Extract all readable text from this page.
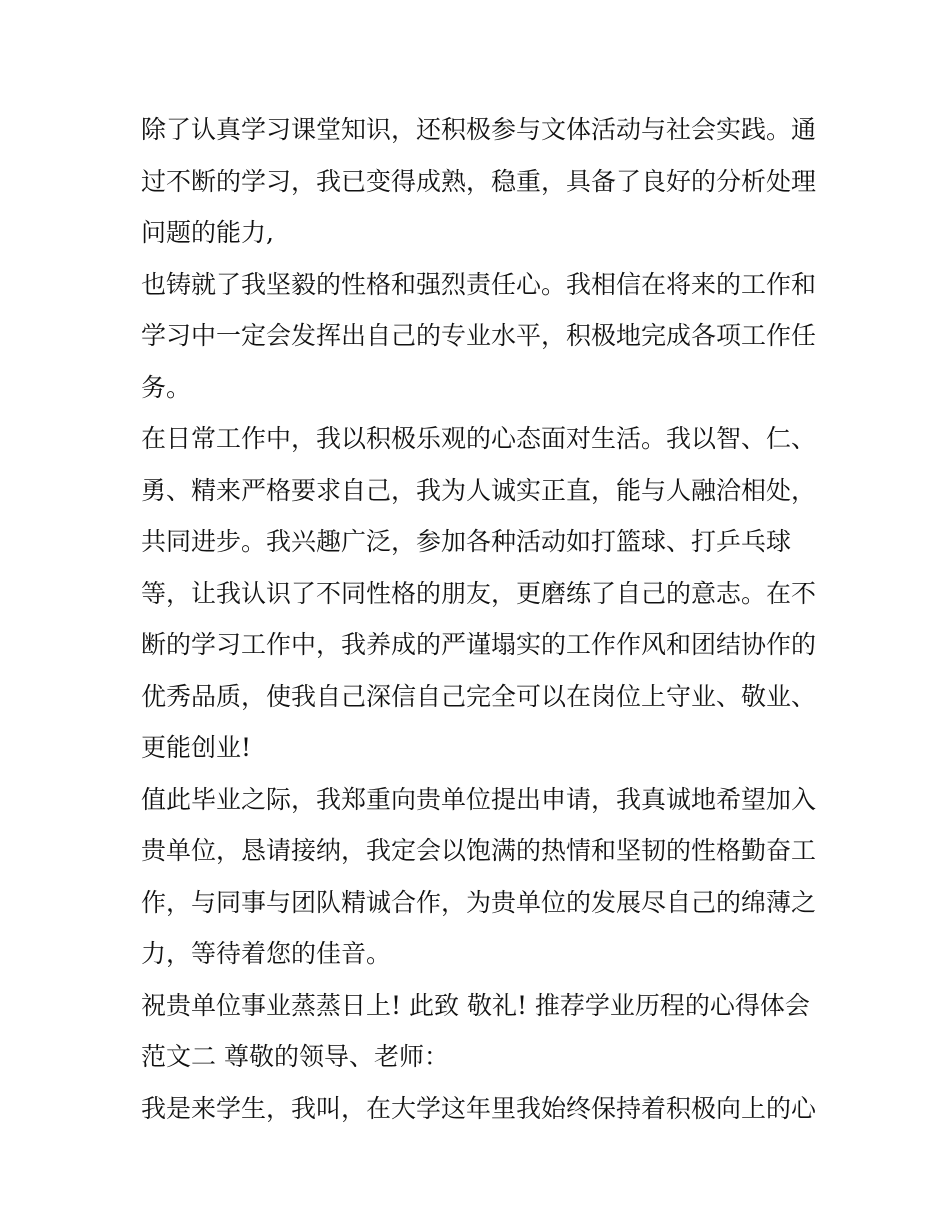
除了认真学习课堂知识，还积极参与文体活动与社会实践。通
过不断的学习，我已变得成熟，稳重，具备了良好的分析处理
问题的能力,
也铸就了我坚毅的性格和强烈责任心。我相信在将来的工作和
学习中一定会发挥出自己的专业水平，积极地完成各项工作任
务。
在日常工作中，我以积极乐观的心态面对生活。我以智、仁、
勇、精来严格要求自己，我为人诚实正直，能与人融洽相处，
共同进步。我兴趣广泛，参加各种活动如打篮球、打乒乓球
等，让我认识了不同性格的朋友，更磨练了自己的意志。在不
断的学习工作中，我养成的严谨塌实的工作作风和团结协作的
优秀品质，使我自己深信自己完全可以在岗位上守业、敬业、
更能创业!
值此毕业之际，我郑重向贵单位提出申请，我真诚地希望加入
贵单位，恳请接纳，我定会以饱满的热情和坚韧的性格勤奋工
作，与同事与团队精诚合作，为贵单位的发展尽自己的绵薄之
力，等待着您的佳音。
祝贵单位事业蒸蒸日上! 此致 敬礼! 推荐学业历程的心得体会
范文二 尊敬的领导、老师：
我是来学生，我叫，在大学这年里我始终保持着积极向上的心
